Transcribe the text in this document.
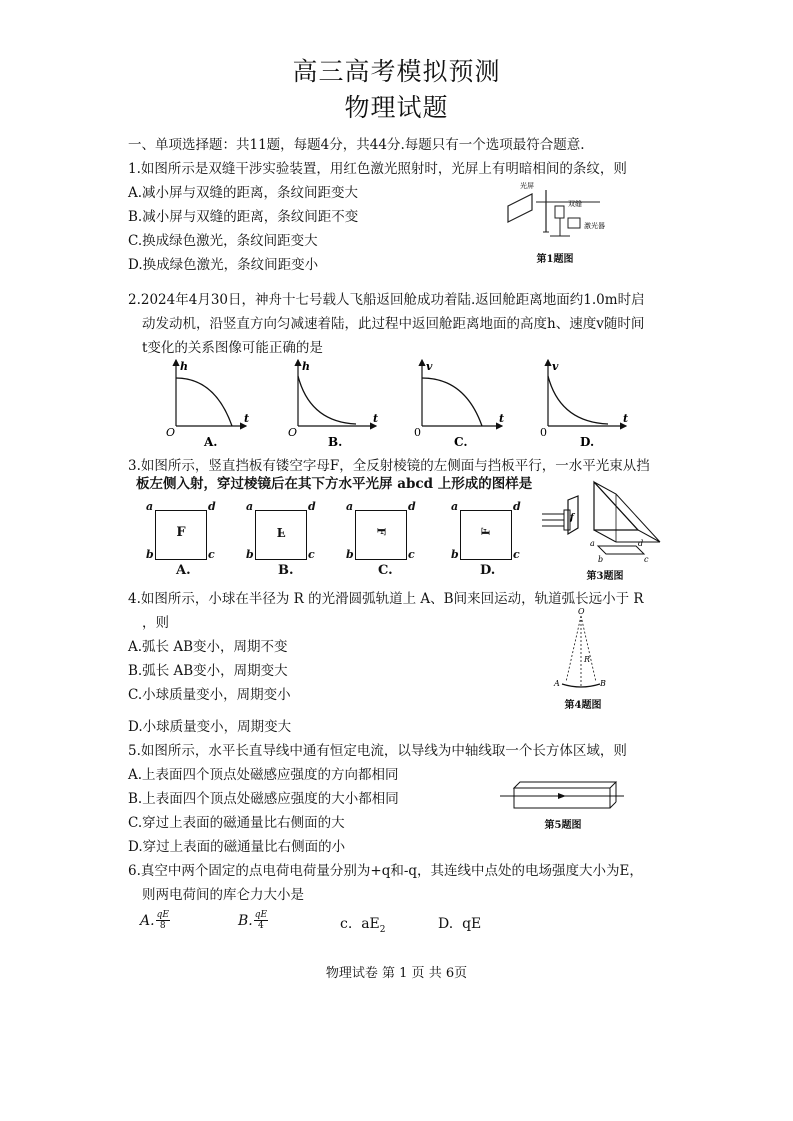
高三高考模拟预测
物理试题
一、单项选择题：共11题，每题4分，共44分.每题只有一个选项最符合题意.
1.如图所示是双缝干涉实验装置，用红色激光照射时，光屏上有明暗相间的条纹，则
A.减小屏与双缝的距离，条纹间距变大
B.减小屏与双缝的距离，条纹间距不变
C.换成绿色激光，条纹间距变大
D.换成绿色激光，条纹间距变小
光屏
双缝
激光器
第1题图
2.2024年4月30日，神舟十七号载人飞船返回舱成功着陆.返回舱距离地面约1.0m时启
动发动机，沿竖直方向匀减速着陆，此过程中返回舱距离地面的高度h、速度v随时间
t变化的关系图像可能正确的是
h
t
O
A.
h
t
O
B.
v
t
0
C.
v
t
0
D.
3.如图所示，竖直挡板有镂空字母F，全反射棱镜的左侧面与挡板平行，一水平光束从挡
板左侧入射，穿过棱镜后在其下方水平光屏 abcd 上形成的图样是
F	F	F	F
a	d
b	c
a	d
b	c
a	d
b	c
a	d
b	c
A.	B.	C.	D.
f
a
b	c
d
第3题图
4.如图所示，小球在半径为 R 的光滑圆弧轨道上 A、B间来回运动，轨道弧长远小于 R
，则
A.弧长 AB变小，周期不变
B.弧长 AB变小，周期变大
C.小球质量变小，周期变小
D.小球质量变小，周期变大
O
R
A	B
第4题图
5.如图所示，水平长直导线中通有恒定电流，以导线为中轴线取一个长方体区域，则
A.上表面四个顶点处磁感应强度的方向都相同
B.上表面四个顶点处磁感应强度的大小都相同
C.穿过上表面的磁通量比右侧面的大
D.穿过上表面的磁通量比右侧面的小
第5题图
6.真空中两个固定的点电荷电荷量分别为+q和-q，其连线中点处的电场强度大小为E，
则两电荷间的库仑力大小是
A. $\frac{qE}{8}$	B. $\frac{qE}{4}$	c. $aE_2$	D. qE
物理试卷 第 1 页 共 6页
